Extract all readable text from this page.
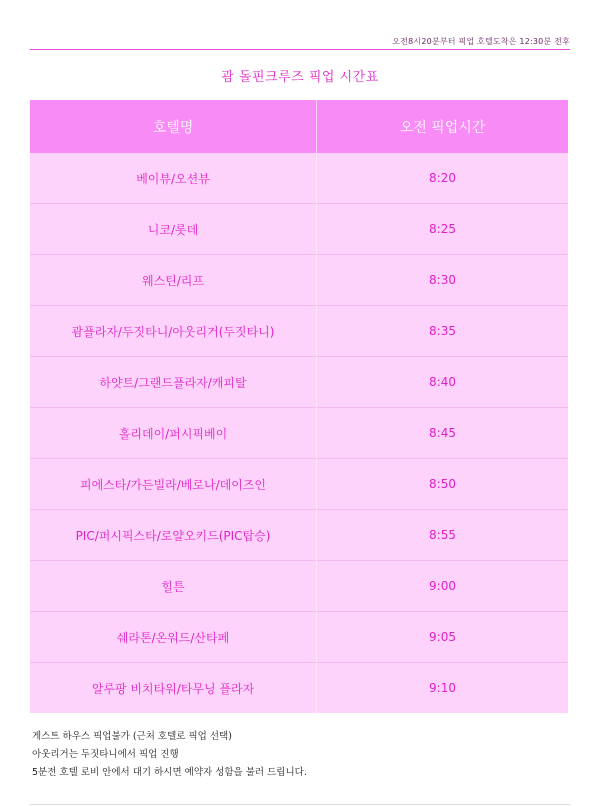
오전8시20분부터 픽업 호텔도착은 12:30분 전후
괌 돌핀크루즈 픽업 시간표
호텔명	오전 픽업시간
베이뷰/오션뷰	8:20
니코/롯데	8:25
웨스틴/리프	8:30
괌플라자/두짓타니/아웃리거(두짓타니)	8:35
하얏트/그랜드플라자/캐피탈	8:40
홀리데이/퍼시픽베이	8:45
피에스타/가든빌라/베로나/데이즈인	8:50
PIC/퍼시픽스타/로얄오키드(PIC탑승)	8:55
힐튼	9:00
쉐라톤/온워드/산타페	9:05
알루팡 비치타워/타무닝 플라자	9:10
게스트 하우스 픽업불가 (근처 호텔로 픽업 선택)
아웃리거는 두짓타니에서 픽업 진행
5분전 호텔 로비 안에서 대기 하시면 예약자 성함을 불러 드립니다.
